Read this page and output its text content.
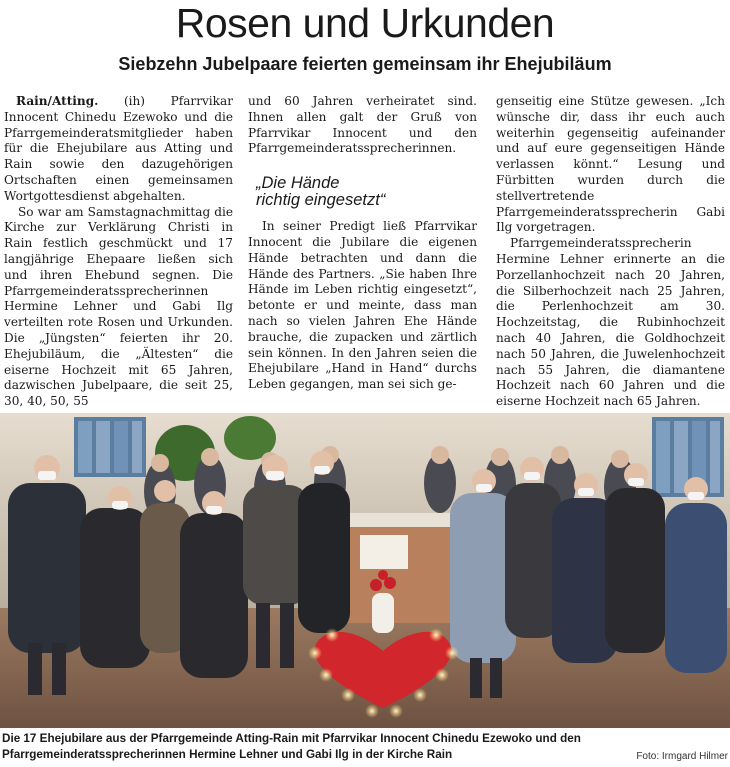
Rosen und Urkunden
Siebzehn Jubelpaare feierten gemeinsam ihr Ehejubiläum

Rain/Atting. (ih) Pfarrvikar Innocent Chinedu Ezewoko und die Pfarrgemeinderatsmitglieder haben für die Ehejubilare aus Atting und Rain sowie den dazugehörigen Ortschaften einen gemeinsamen Wortgottesdienst abgehalten.

So war am Samstagnachmittag die Kirche zur Verklärung Christi in Rain festlich geschmückt und 17 langjährige Ehepaare ließen sich und ihren Ehebund segnen. Die Pfarrgemeinderatssprecherinnen Hermine Lehner und Gabi Ilg verteilten rote Rosen und Urkunden. Die „Jüngsten“ feierten ihr 20. Ehejubiläum, die „Ältesten“ die eiserne Hochzeit mit 65 Jahren, dazwischen Jubelpaare, die seit 25, 30, 40, 50, 55

und 60 Jahren verheiratet sind. Ihnen allen galt der Gruß von Pfarrvikar Innocent und den Pfarrgemeinderatssprecherinnen.

„Die Hände
richtig eingesetzt“

In seiner Predigt ließ Pfarrvikar Innocent die Jubilare die eigenen Hände betrachten und dann die Hände des Partners. „Sie haben Ihre Hände im Leben richtig eingesetzt“, betonte er und meinte, dass man nach so vielen Jahren Ehe Hände brauche, die zupacken und zärtlich sein können. In den Jahren seien die Ehejubilare „Hand in Hand“ durchs Leben gegangen, man sei sich ge-

genseitig eine Stütze gewesen. „Ich wünsche dir, dass ihr euch auch weiterhin gegenseitig aufeinander und auf eure gegenseitigen Hände verlassen könnt.“ Lesung und Fürbitten wurden durch die stellvertretende Pfarrgemeinderatssprecherin Gabi Ilg vorgetragen.

Pfarrgemeinderatssprecherin Hermine Lehner erinnerte an die Porzellanhochzeit nach 20 Jahren, die Silberhochzeit nach 25 Jahren, die Perlenhochzeit am 30. Hochzeitstag, die Rubinhochzeit nach 40 Jahren, die Goldhochzeit nach 50 Jahren, die Juwelenhochzeit nach 55 Jahren, die diamantene Hochzeit nach 60 Jahren und die eiserne Hochzeit nach 65 Jahren.

Die 17 Ehejubilare aus der Pfarrgemeinde Atting-Rain mit Pfarrvikar Innocent Chinedu Ezewoko und den Pfarrgemeinderatssprecherinnen Hermine Lehner und Gabi Ilg in der Kirche Rain	Foto: Irmgard Hilmer
